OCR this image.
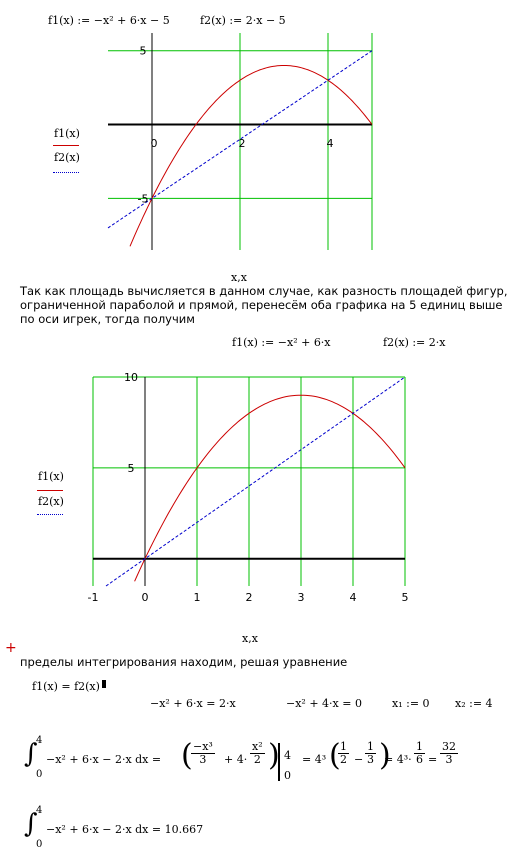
f1(x) := −x² + 6·x − 5	f2(x) := 2·x − 5
0	2	4
5
-5
f1(x)
f2(x)
x,x
Так как площадь вычисляется в данном случае, как разность площадей фигур, ограниченной параболой и прямой, перенесём оба графика на 5 единиц выше по оси игрек, тогда получим
f1(x) := −x² + 6·x	f2(x) := 2·x
-1	0	1	2	3	4	5
10
5
f1(x)
f2(x)
x,x
+
пределы интегрирования находим, решая уравнение
f1(x) = f2(x)
−x² + 6·x = 2·x	−x² + 4·x = 0	x₁ := 0 x₂ := 4
∫
4
0
−x² + 6·x − 2·x dx = (
$\frac{\text{−x³}}{3} + 4\cdot \frac{\text{x²}}{2}$ ) 4
0
= 4³ (
$\frac{1}{2} - \frac{1}{3}$ )
= $4^3\cdot \frac{1}{6} = \frac{32}{3}$
∫
4
0
−x² + 6·x − 2·x dx = 10.667
